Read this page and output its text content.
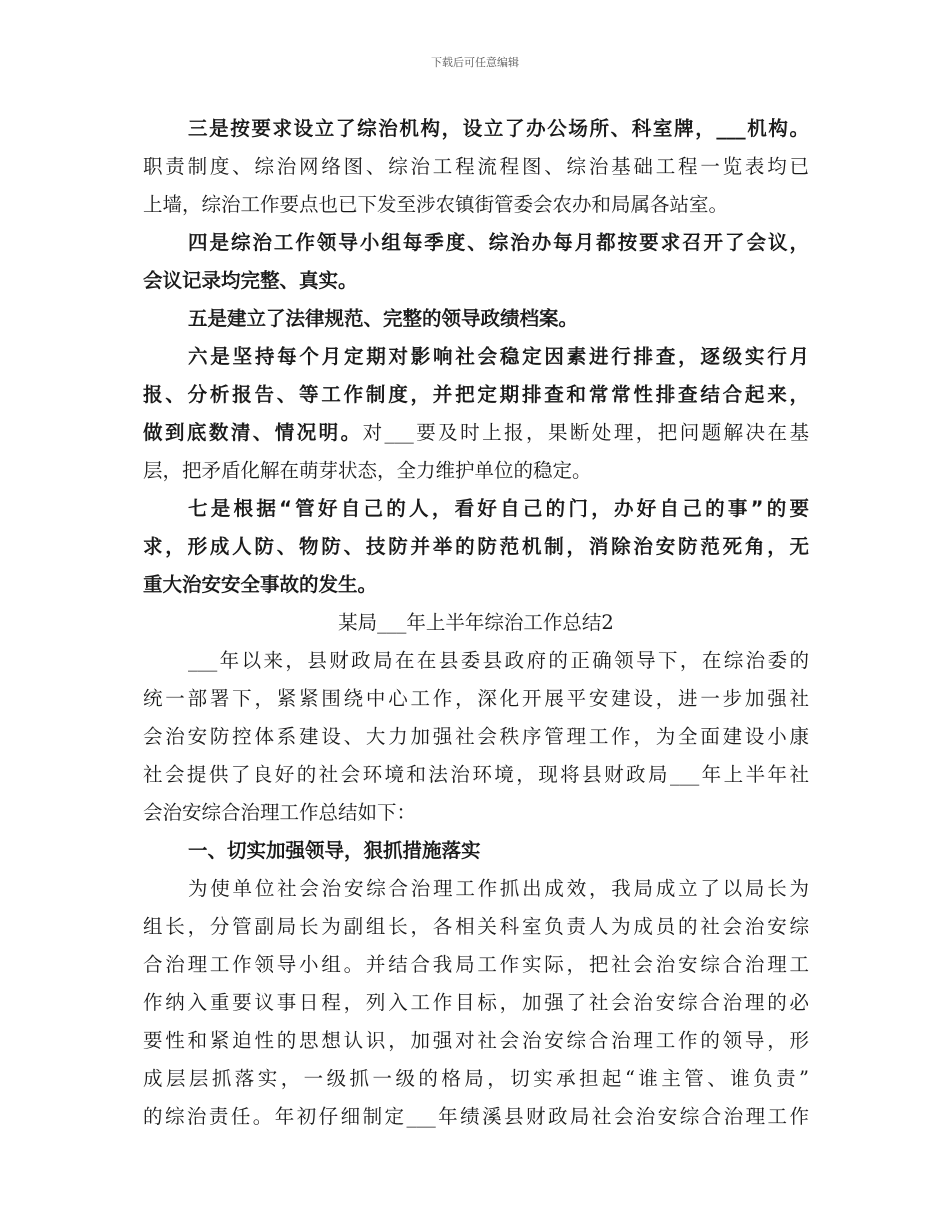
下载后可任意编辑
三是按要求设立了综治机构，设立了办公场所、科室牌，___机构。
职责制度、综治网络图、综治工程流程图、综治基础工程一览表均已
上墙，综治工作要点也已下发至涉农镇街管委会农办和局属各站室。
四是综治工作领导小组每季度、综治办每月都按要求召开了会议，
会议记录均完整、真实。
五是建立了法律规范、完整的领导政绩档案。
六是坚持每个月定期对影响社会稳定因素进行排查，逐级实行月
报、分析报告、等工作制度，并把定期排查和常常性排查结合起来，
做到底数清、情况明。对___要及时上报，果断处理，把问题解决在基
层，把矛盾化解在萌芽状态，全力维护单位的稳定。
七是根据“管好自己的人，看好自己的门，办好自己的事”的要
求，形成人防、物防、技防并举的防范机制，消除治安防范死角，无
重大治安安全事故的发生。
某局___年上半年综治工作总结2
___年以来，县财政局在在县委县政府的正确领导下，在综治委的
统一部署下，紧紧围绕中心工作，深化开展平安建设，进一步加强社
会治安防控体系建设、大力加强社会秩序管理工作，为全面建设小康
社会提供了良好的社会环境和法治环境，现将县财政局___年上半年社
会治安综合治理工作总结如下：
一、切实加强领导，狠抓措施落实
为使单位社会治安综合治理工作抓出成效，我局成立了以局长为
组长，分管副局长为副组长，各相关科室负责人为成员的社会治安综
合治理工作领导小组。并结合我局工作实际，把社会治安综合治理工
作纳入重要议事日程，列入工作目标，加强了社会治安综合治理的必
要性和紧迫性的思想认识，加强对社会治安综合治理工作的领导，形
成层层抓落实，一级抓一级的格局，切实承担起“谁主管、谁负责”
的综治责任。年初仔细制定___年绩溪县财政局社会治安综合治理工作
